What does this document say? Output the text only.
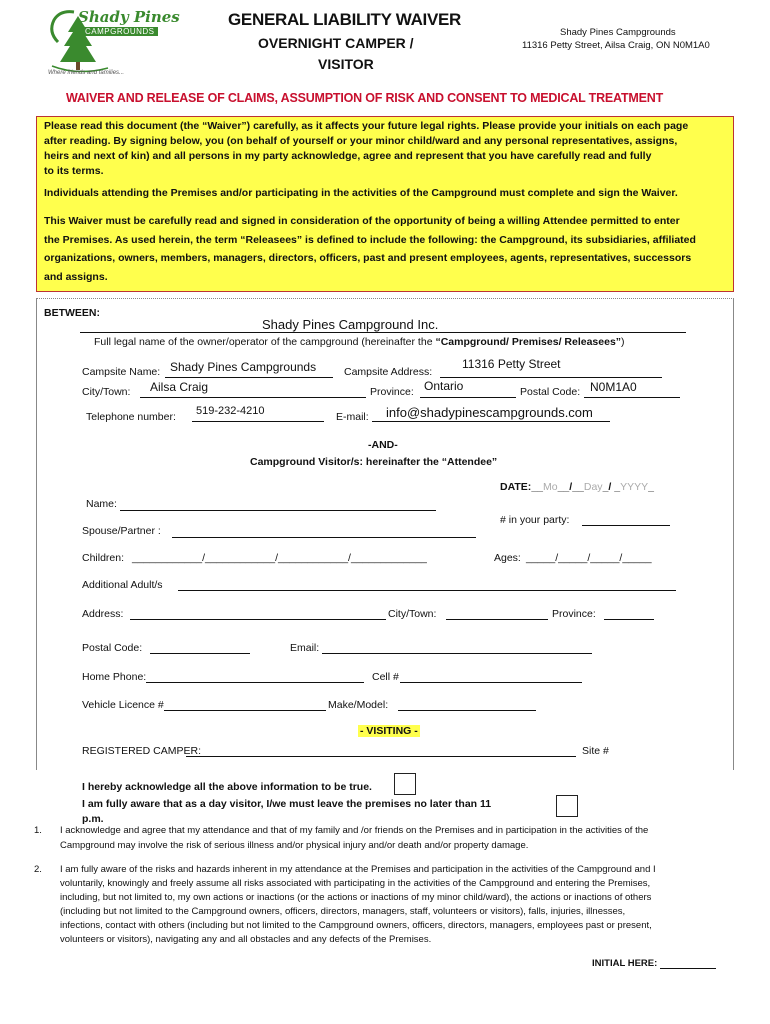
Shady Pines
CAMPGROUNDS
Where friends and families...
GENERAL LIABILITY WAIVER
OVERNIGHT CAMPER /
VISITOR
Shady Pines Campgrounds
11316 Petty Street, Ailsa Craig, ON N0M1A0
WAIVER AND RELEASE OF CLAIMS, ASSUMPTION OF RISK AND CONSENT TO MEDICAL TREATMENT
Please read this document (the “Waiver”) carefully, as it affects your future legal rights. Please provide your initials on each page
after reading. By signing below, you (on behalf of yourself or your minor child/ward and any personal representatives, assigns,
heirs and next of kin) and all persons in my party acknowledge, agree and represent that you have carefully read and fully
to its terms.
Individuals attending the Premises and/or participating in the activities of the Campground must complete and sign the Waiver.
This Waiver must be carefully read and signed in consideration of the opportunity of being a willing Attendee permitted to enter
the Premises. As used herein, the term “Releasees” is defined to include the following: the Campground, its subsidiaries, affiliated
organizations, owners, members, managers, directors, officers, past and present employees, agents, representatives, successors
and assigns.
BETWEEN:
Shady Pines Campground Inc.
Full legal name of the owner/operator of the campground (hereinafter the “Campground/ Premises/ Releasees”)
Campsite Name: Shady Pines Campgrounds	Campsite Address:
11316 Petty Street
City/Town: Ailsa Craig	Province: Ontario	Postal Code: N0M1A0
Telephone number: 519-232-4210	E-mail: info@shadypinescampgrounds.com
-AND-
Campground Visitor/s: hereinafter the “Attendee”
DATE:__Mo__/__Day_/ _YYYY_
Name:
# in your party:
Spouse/Partner :
Children: ____________/____________/____________/_____________	Ages: _____/_____/_____/_____
Additional Adult/s
Address:	City/Town:	Province:
Postal Code:	Email:
Home Phone:	Cell #
Vehicle Licence #	Make/Model:
- VISITING -
REGISTERED CAMPER:	Site #
I hereby acknowledge all the above information to be true.
I am fully aware that as a day visitor, I/we must leave the premises no later than 11
p.m.
1. I acknowledge and agree that my attendance and that of my family and /or friends on the Premises and in participation in the activities of the
Campground may involve the risk of serious illness and/or physical injury and/or death and/or property damage.
2. I am fully aware of the risks and hazards inherent in my attendance at the Premises and participation in the activities of the Campground and I
voluntarily, knowingly and freely assume all risks associated with participating in the activities of the Campground and entering the Premises,
including, but not limited to, my own actions or inactions (or the actions or inactions of my minor child/ward), the actions or inactions of others
(including but not limited to the Campground owners, officers, directors, managers, staff, volunteers or visitors), falls, injuries, illnesses,
infections, contact with others (including but not limited to the Campground owners, officers, directors, managers, employees past or present,
volunteers or visitors), navigating any and all obstacles and any defects of the Premises.
INITIAL HERE:
